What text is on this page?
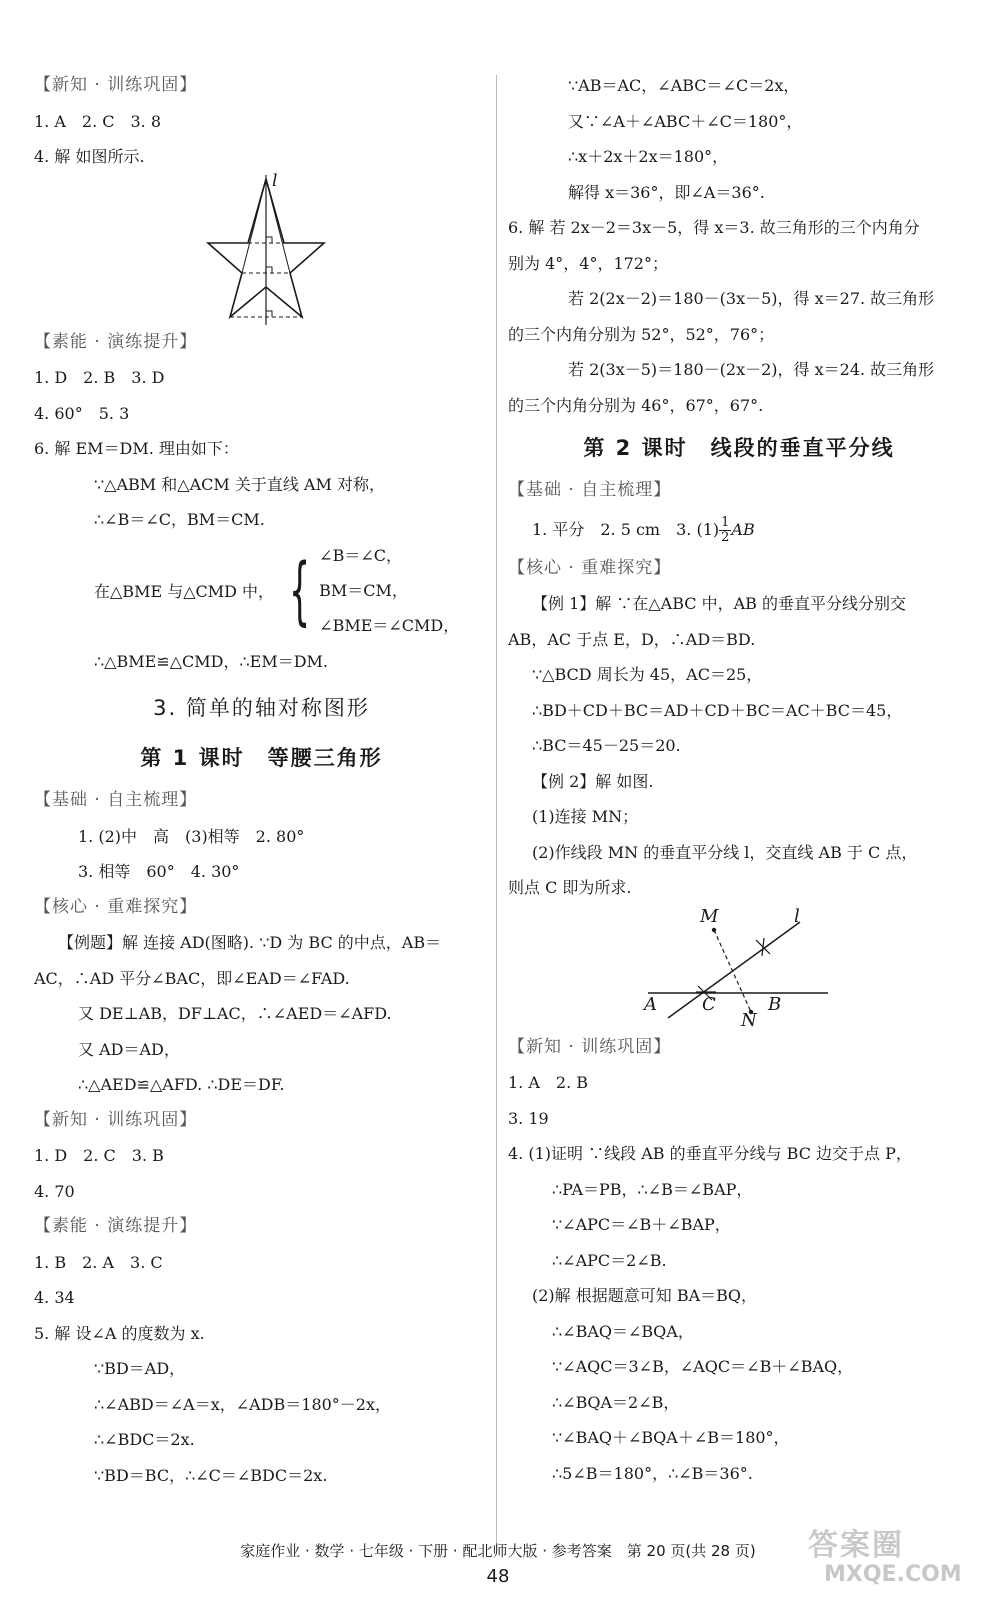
【新知 · 训练巩固】
1. A　2. C　3. 8
4. 解 如图所示.
l
【素能 · 演练提升】
1. D　2. B　3. D
4. 60°　5. 3
6. 解 EM＝DM. 理由如下：
∵△ABM 和△ACM 关于直线 AM 对称，
∴∠B＝∠C，BM＝CM.
在△BME 与△CMD 中， { ∠B＝∠C，
BM＝CM，
∠BME＝∠CMD，
∴△BME≌△CMD，∴EM＝DM.
3. 简单的轴对称图形
第 1 课时　等腰三角形
【基础 · 自主梳理】
1. (2)中　高　(3)相等　2. 80°
3. 相等　60°　4. 30°
【核心 · 重难探究】
【例题】解 连接 AD(图略). ∵D 为 BC 的中点，AB＝
AC，∴AD 平分∠BAC，即∠EAD＝∠FAD.
又 DE⊥AB，DF⊥AC，∴∠AED＝∠AFD.
又 AD＝AD，
∴△AED≌△AFD. ∴DE＝DF.
【新知 · 训练巩固】
1. D　2. C　3. B
4. 70
【素能 · 演练提升】
1. B　2. A　3. C
4. 34
5. 解 设∠A 的度数为 x.
∵BD＝AD，
∴∠ABD＝∠A＝x，∠ADB＝180°－2x，
∴∠BDC＝2x.
∵BD＝BC，∴∠C＝∠BDC＝2x.
∵AB＝AC，∠ABC＝∠C＝2x，
又∵∠A＋∠ABC＋∠C＝180°，
∴x＋2x＋2x＝180°，
解得 x＝36°，即∠A＝36°.
6. 解 若 2x－2＝3x－5，得 x＝3. 故三角形的三个内角分
别为 4°，4°，172°；
若 2(2x－2)＝180－(3x－5)，得 x＝27. 故三角形
的三个内角分别为 52°，52°，76°；
若 2(3x－5)＝180－(2x－2)，得 x＝24. 故三角形
的三个内角分别为 46°，67°，67°.
第 2 课时　线段的垂直平分线
【基础 · 自主梳理】
1. 平分　2. 5 cm　3. $(1) \frac{1}{2}$ AB
【核心 · 重难探究】
【例 1】解 ∵在△ABC 中，AB 的垂直平分线分别交
AB，AC 于点 E，D，∴AD＝BD.
∵△BCD 周长为 45，AC＝25，
∴BD＋CD＋BC＝AD＋CD＋BC＝AC＋BC＝45，
∴BC＝45－25＝20.
【例 2】解 如图.
(1)连接 MN；
(2)作线段 MN 的垂直平分线 l，交直线 AB 于 C 点，
则点 C 即为所求.
M	l
A	C	B
N
【新知 · 训练巩固】
1. A　2. B
3. 19
4. (1)证明 ∵线段 AB 的垂直平分线与 BC 边交于点 P，
∴PA＝PB，∴∠B＝∠BAP，
∵∠APC＝∠B＋∠BAP，
∴∠APC＝2∠B.
(2)解 根据题意可知 BA＝BQ，
∴∠BAQ＝∠BQA，
∵∠AQC＝3∠B，∠AQC＝∠B＋∠BAQ，
∴∠BQA＝2∠B，
∵∠BAQ＋∠BQA＋∠B＝180°，
∴5∠B＝180°，∴∠B＝36°.
答案圈
MXQE.COM
家庭作业 · 数学 · 七年级 · 下册 · 配北师大版 · 参考答案　第 20 页(共 28 页)
48
